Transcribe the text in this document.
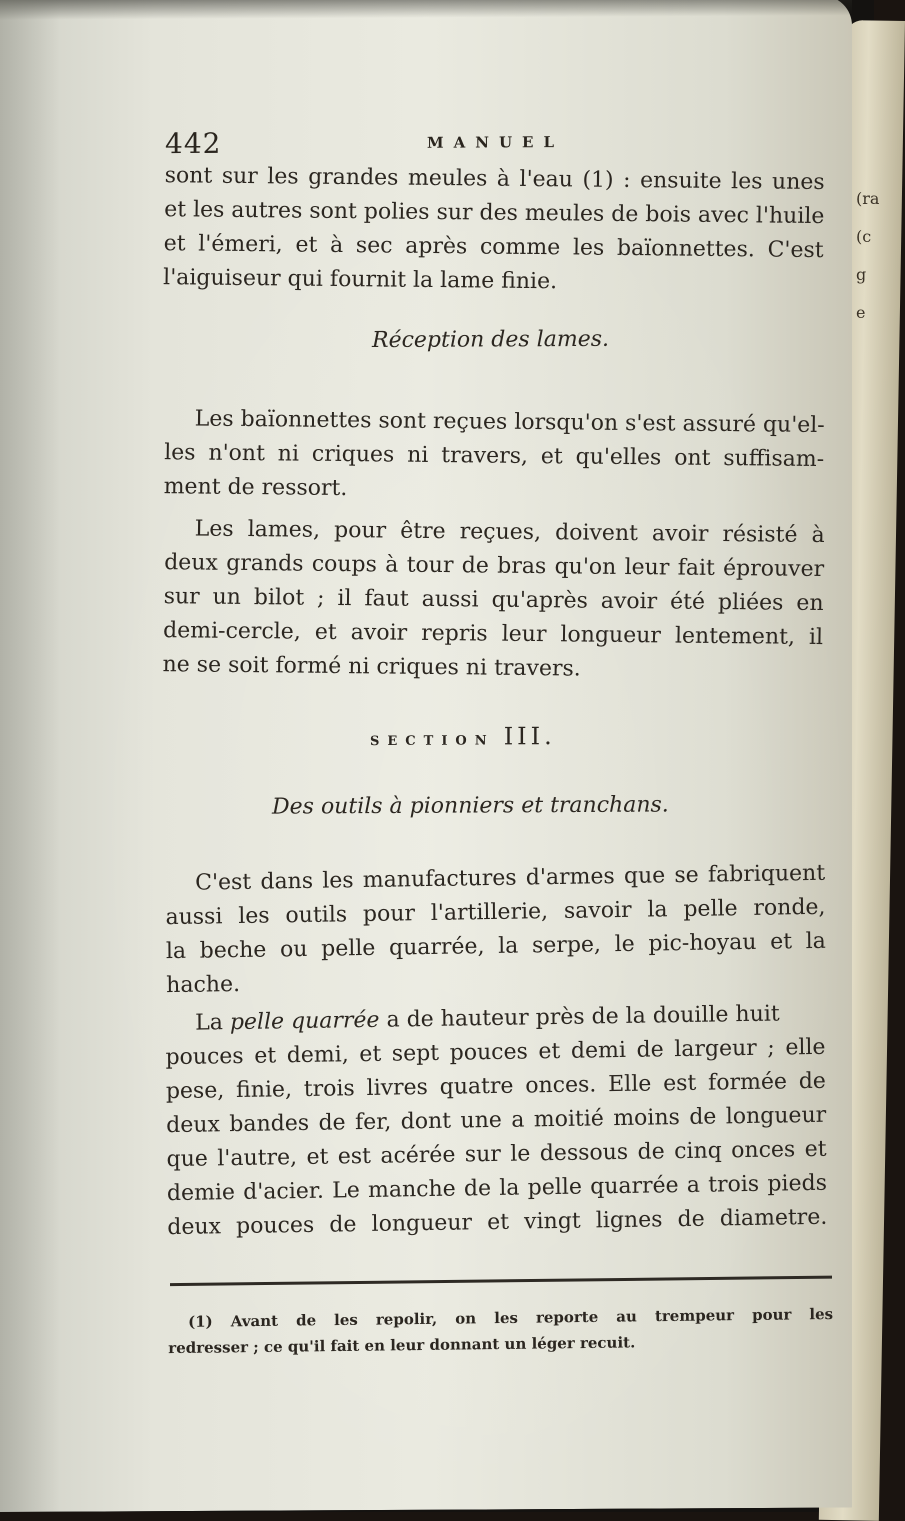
(ra
(c
g
e
442	MANUEL
sont sur les grandes meules à l'eau (1) : ensuite les unes
et les autres sont polies sur des meules de bois avec l'huile
et l'émeri, et à sec après comme les baïonnettes. C'est
l'aiguiseur qui fournit la lame finie.
Réception des lames.
Les baïonnettes sont reçues lorsqu'on s'est assuré qu'el-
les n'ont ni criques ni travers, et qu'elles ont suffisam-
ment de ressort.
Les lames, pour être reçues, doivent avoir résisté à
deux grands coups à tour de bras qu'on leur fait éprouver
sur un bilot ; il faut aussi qu'après avoir été pliées en
demi-cercle, et avoir repris leur longueur lentement, il
ne se soit formé ni criques ni travers.
SECTION III.
Des outils à pionniers et tranchans.
C'est dans les manufactures d'armes que se fabriquent
aussi les outils pour l'artillerie, savoir la pelle ronde,
la beche ou pelle quarrée, la serpe, le pic-hoyau et la
hache.
La pelle quarrée a de hauteur près de la douille huit
pouces et demi, et sept pouces et demi de largeur ; elle
pese, finie, trois livres quatre onces. Elle est formée de
deux bandes de fer, dont une a moitié moins de longueur
que l'autre, et est acérée sur le dessous de cinq onces et
demie d'acier. Le manche de la pelle quarrée a trois pieds
deux pouces de longueur et vingt lignes de diametre.
(1) Avant de les repolir, on les reporte au trempeur pour les
redresser ; ce qu'il fait en leur donnant un léger recuit.
